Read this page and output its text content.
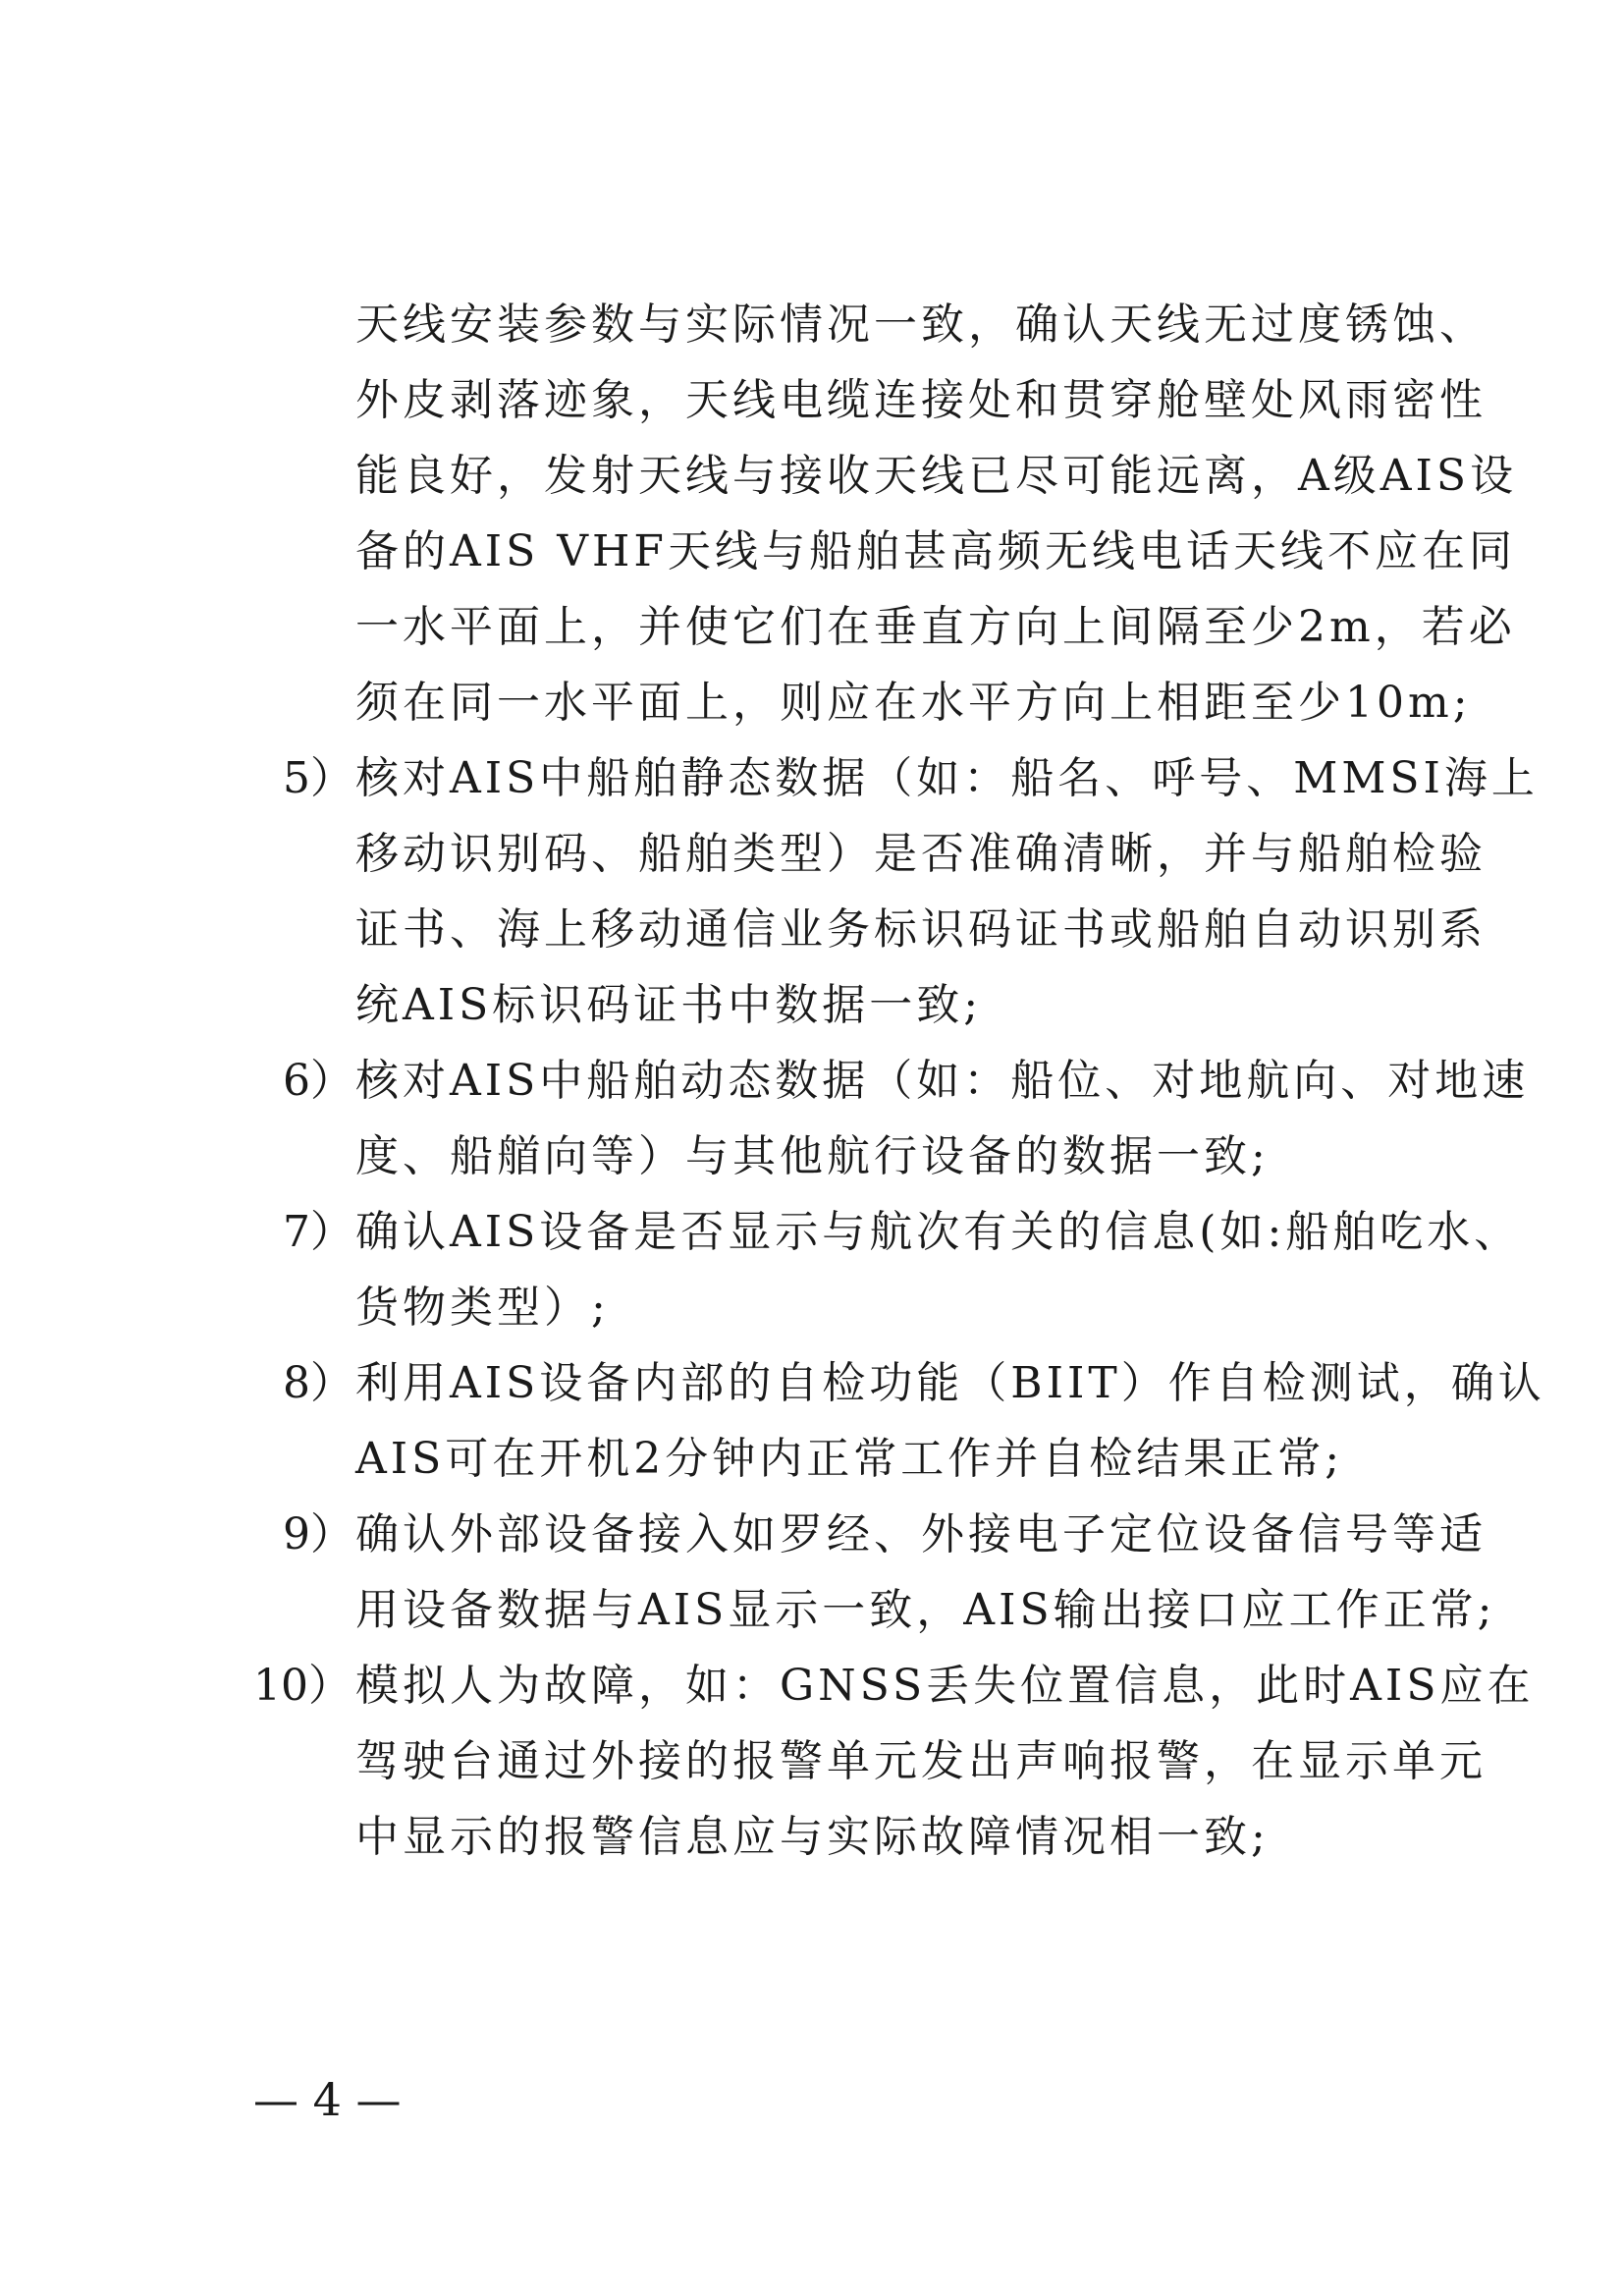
天线安装参数与实际情况一致，确认天线无过度锈蚀、
外皮剥落迹象，天线电缆连接处和贯穿舱壁处风雨密性
能良好，发射天线与接收天线已尽可能远离，A级AIS设
备的AIS VHF天线与船舶甚高频无线电话天线不应在同
一水平面上，并使它们在垂直方向上间隔至少2m，若必
须在同一水平面上，则应在水平方向上相距至少10m;
5）核对AIS中船舶静态数据（如：船名、呼号、MMSI海上
移动识别码、船舶类型）是否准确清晰，并与船舶检验
证书、海上移动通信业务标识码证书或船舶自动识别系
统AIS标识码证书中数据一致;
6）核对AIS中船舶动态数据（如：船位、对地航向、对地速
度、船艏向等）与其他航行设备的数据一致;
7）确认AIS设备是否显示与航次有关的信息(如:船舶吃水、
货物类型）;
8）利用AIS设备内部的自检功能（BIIT）作自检测试，确认
AIS可在开机2分钟内正常工作并自检结果正常;
9）确认外部设备接入如罗经、外接电子定位设备信号等适
用设备数据与AIS显示一致，AIS输出接口应工作正常;
10）模拟人为故障，如：GNSS丢失位置信息，此时AIS应在
驾驶台通过外接的报警单元发出声响报警，在显示单元
中显示的报警信息应与实际故障情况相一致;
— 4 —
